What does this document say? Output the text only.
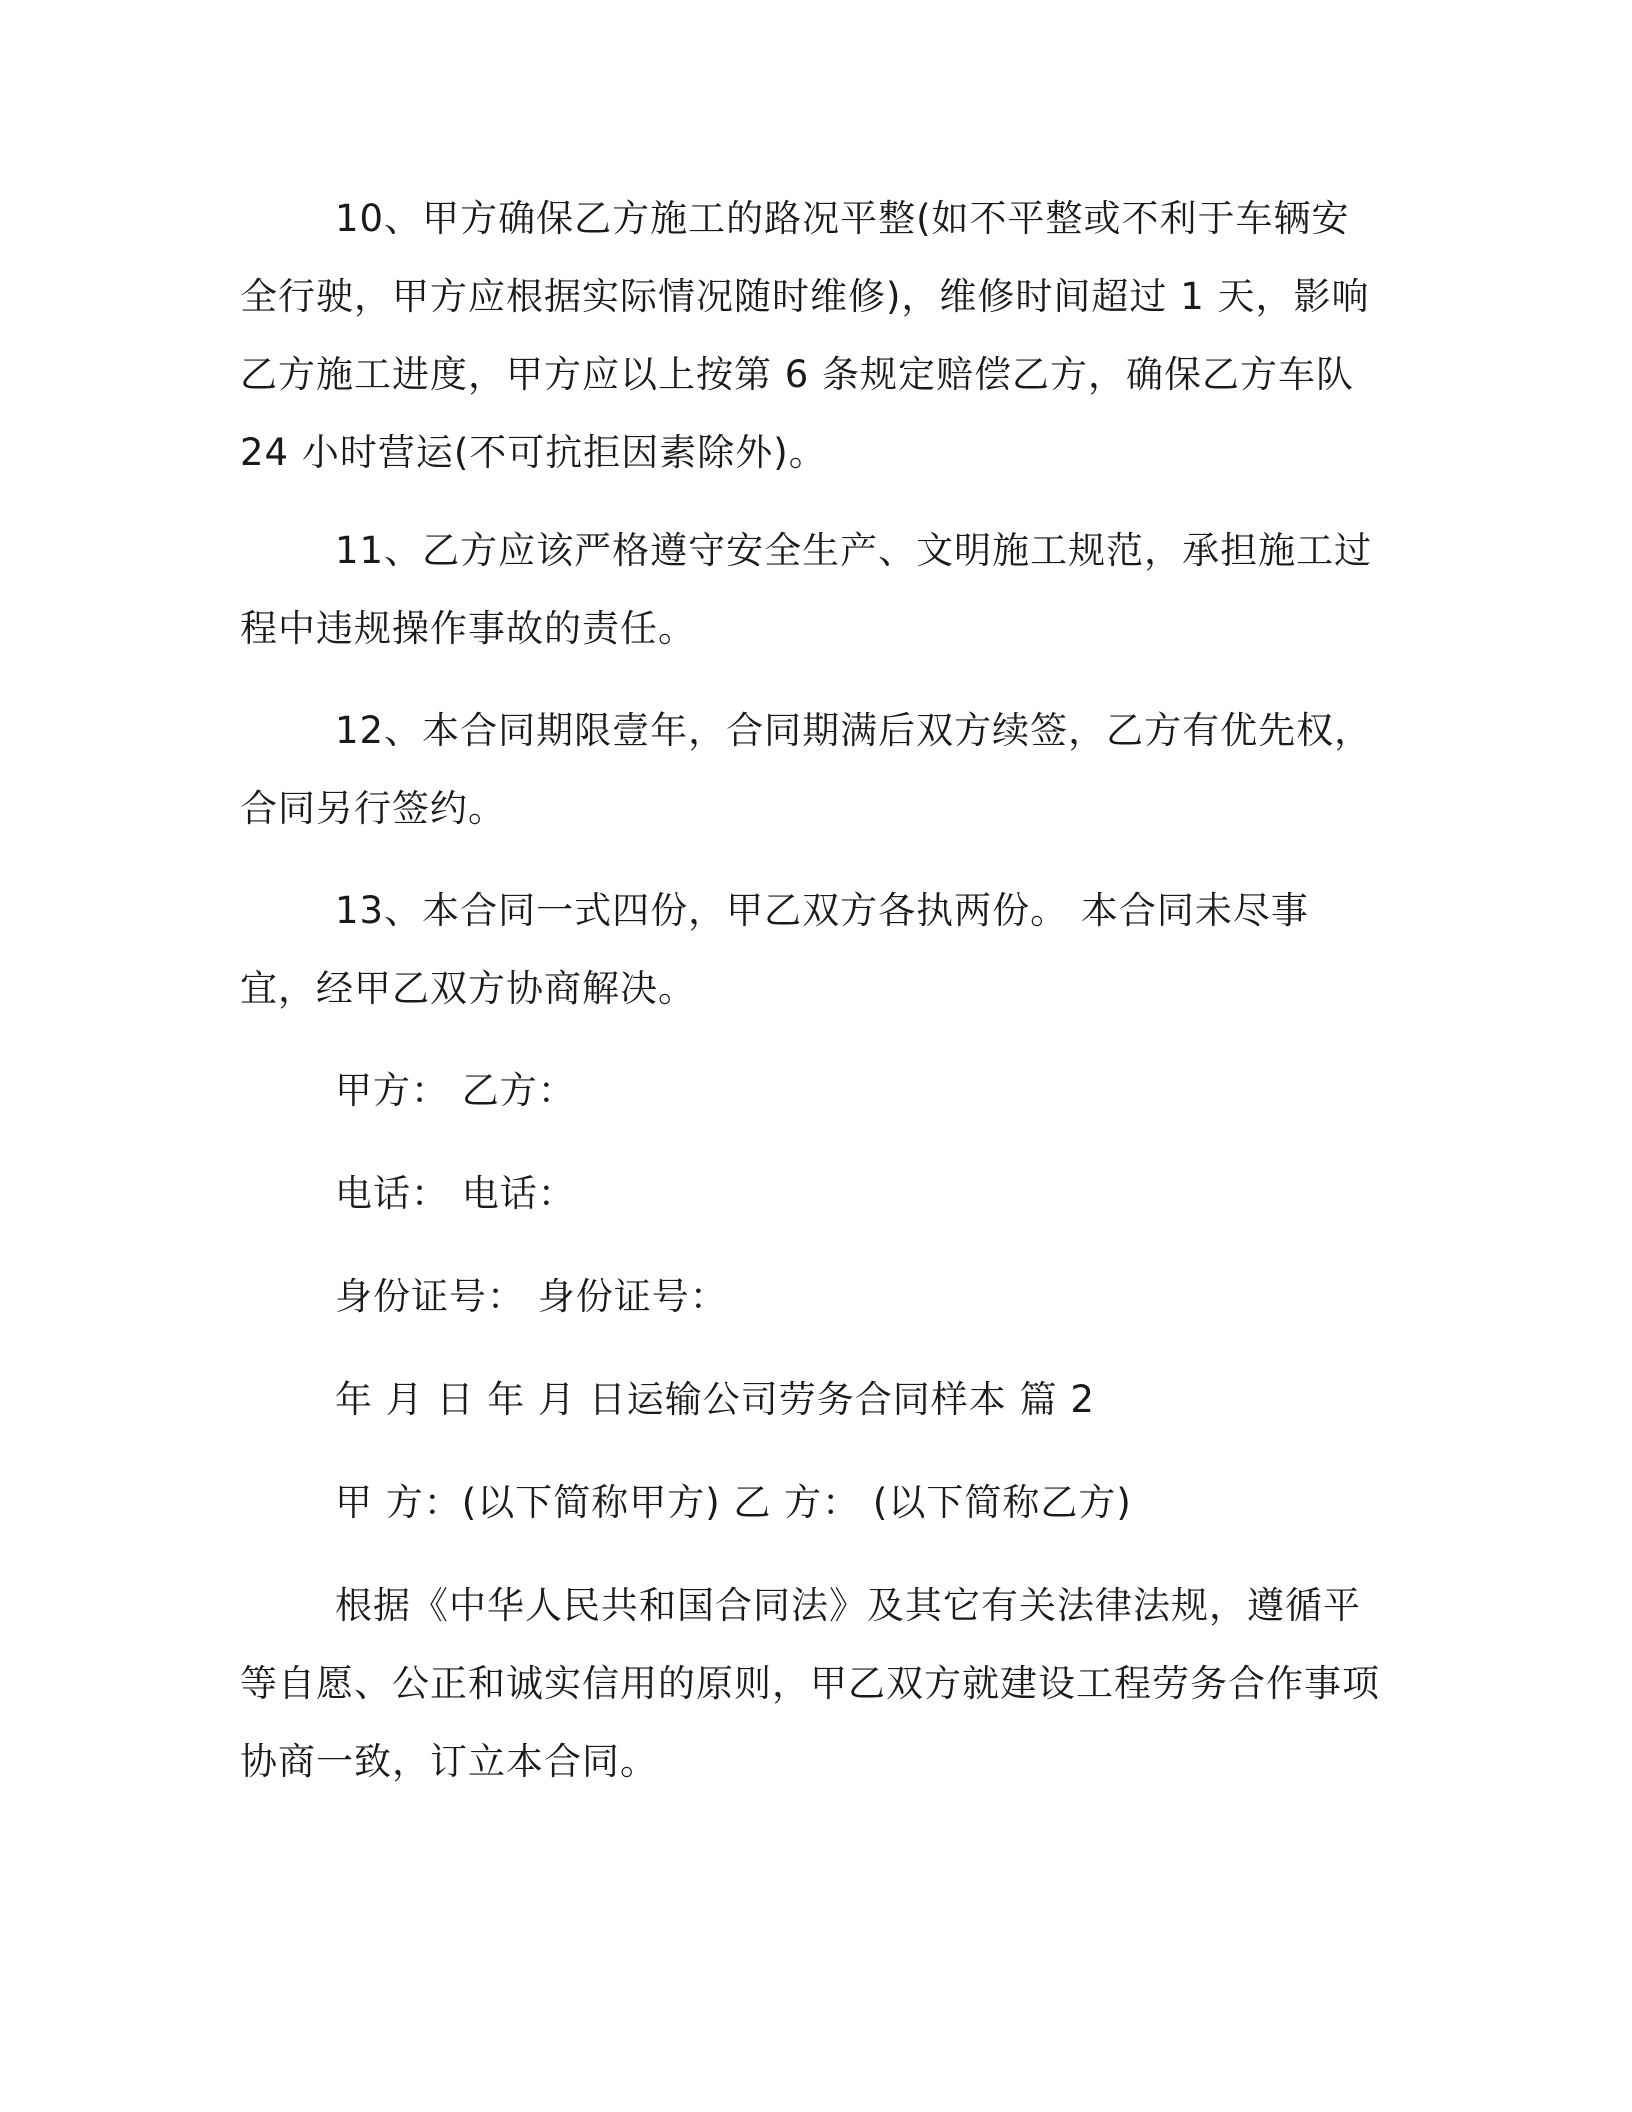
10、甲方确保乙方施工的路况平整(如不平整或不利于车辆安全行驶，甲方应根据实际情况随时维修)，维修时间超过 1 天，影响乙方施工进度，甲方应以上按第 6 条规定赔偿乙方，确保乙方车队 24 小时营运(不可抗拒因素除外)。

11、乙方应该严格遵守安全生产、文明施工规范，承担施工过程中违规操作事故的责任。

12、本合同期限壹年，合同期满后双方续签，乙方有优先权，合同另行签约。

13、本合同一式四份，甲乙双方各执两份。 本合同未尽事宜，经甲乙双方协商解决。

甲方： 乙方：

电话： 电话：

身份证号： 身份证号：

年 月 日 年 月 日运输公司劳务合同样本 篇 2

甲 方：(以下简称甲方) 乙 方： (以下简称乙方)

根据《中华人民共和国合同法》及其它有关法律法规，遵循平等自愿、公正和诚实信用的原则，甲乙双方就建设工程劳务合作事项协商一致，订立本合同。
